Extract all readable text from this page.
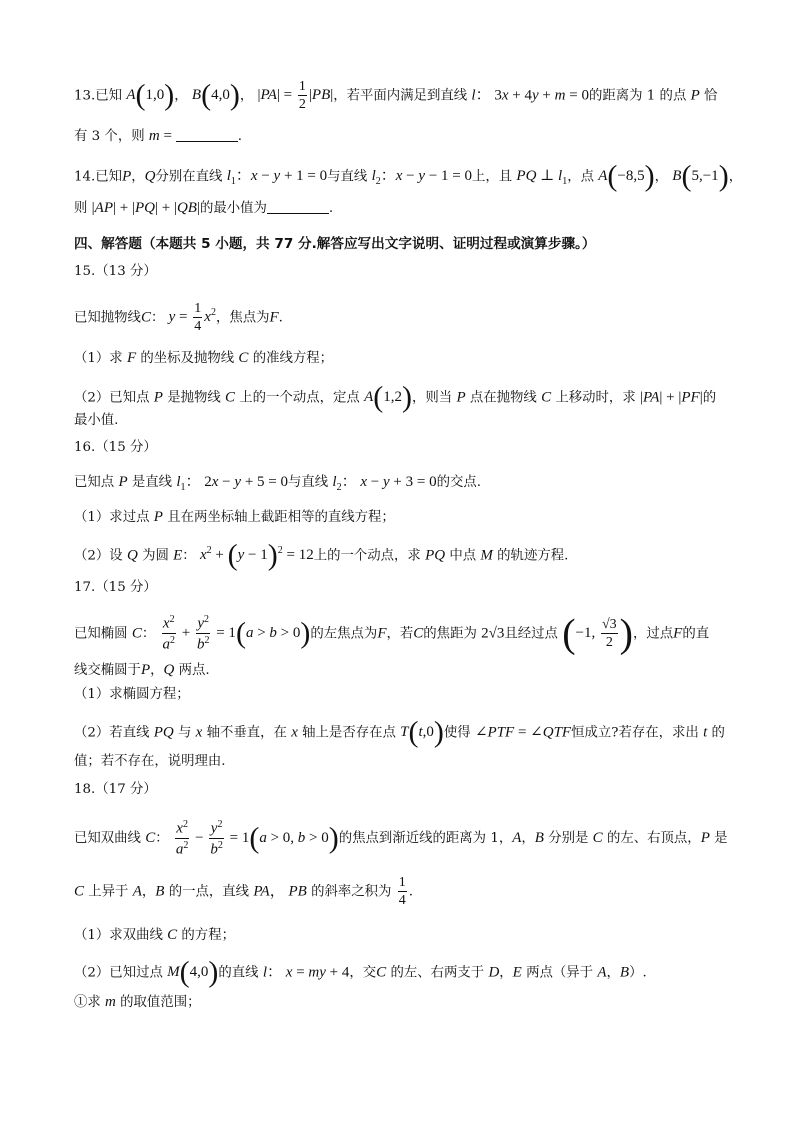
13.已知 A(1,0)， B(4,0)， $|PA| = \frac{1}{2} |PB|$，若平面内满足到直线 l： 3x + 4y + m = 0的距离为 1 的点 P 恰
有 3 个，则 m =	.
14.已知P，Q分别在直线 $l_1$：x − y + 1 = 0与直线 $l_2$：x − y − 1 = 0上，且 PQ ⊥ $l_1$，点 A(−8,5)， B(5,−1)，
则 |AP| + |PQ| + |QB|的最小值为	.
四、解答题（本题共 5 小题，共 77 分.解答应写出文字说明、证明过程或演算步骤。）
15.（13 分）
已知抛物线C： $y = \frac{1}{4} x^2$，焦点为F.
（1）求 F 的坐标及抛物线 C 的准线方程；
（2）已知点 P 是抛物线 C 上的一个动点，定点 A(1,2)，则当 P 点在抛物线 C 上移动时，求 |PA| + |PF|的
最小值.
16.（15 分）
已知点 P 是直线 $l_1$： 2x − y + 5 = 0与直线 $l_2$： x − y + 3 = 0的交点.
（1）求过点 P 且在两坐标轴上截距相等的直线方程；
（2）设 Q 为圆 E： $x^2 + (y - 1)^2 = 12$上的一个动点，求 PQ 中点 M 的轨迹方程.
17.（15 分）
已知椭圆 C： $\frac{x^2}{a^2} + \frac{y^2}{b^2} = 1(a > b > 0)$的左焦点为F，若C的焦距为 2√3且经过点 (−1, $\frac{√3}{2}$ )，过点F的直
线交椭圆于P，Q 两点.
（1）求椭圆方程；
（2）若直线 PQ 与 x 轴不垂直，在 x 轴上是否存在点 T(t,0)使得 ∠PTF = ∠QTF恒成立?若存在，求出 t 的
值；若不存在，说明理由.
18.（17 分）
已知双曲线 C： $\frac{x^2}{a^2} - \frac{y^2}{b^2} = 1(a > 0$, b > 0)的焦点到渐近线的距离为 1，A，B 分别是 C 的左、右顶点，P 是
C 上异于 A，B 的一点，直线 PA， PB 的斜率之积为 $\frac{1}{4}$ .
（1）求双曲线 C 的方程；
（2）已知过点 M(4,0)的直线 l： x = my + 4，交C 的左、右两支于 D，E 两点（异于 A，B）.
①求 m 的取值范围；
